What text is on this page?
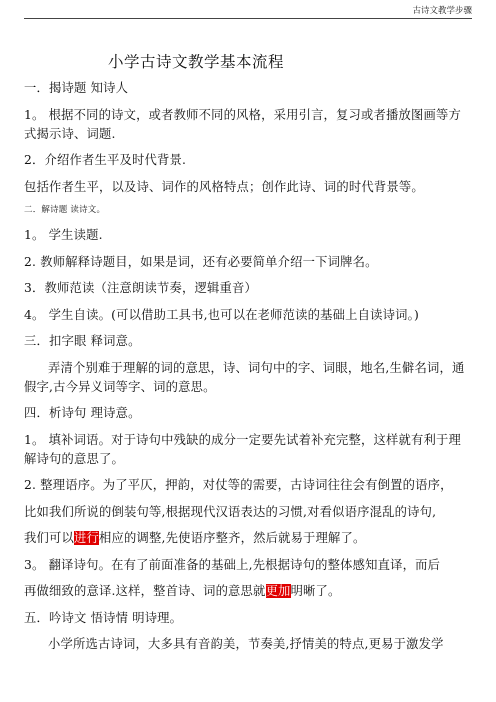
古诗文教学步骤
小学古诗文教学基本流程
一．揭诗题 知诗人
1。 根据不同的诗文，或者教师不同的风格，采用引言，复习或者播放图画等方式揭示诗、词题.
2．介绍作者生平及时代背景.
包括作者生平，以及诗、词作的风格特点；创作此诗、词的时代背景等。
二．解诗题 读诗文。
1。 学生读题.
2. 教师解释诗题目，如果是词，还有必要简单介绍一下词牌名。
3．教师范读（注意朗读节奏，逻辑重音）
4。 学生自读。(可以借助工具书,也可以在老师范读的基础上自读诗词。)
三．扣字眼 释词意。
弄清个别难于理解的词的意思，诗、词句中的字、词眼，地名,生僻名词，通假字,古今异义词等字、词的意思。
四．析诗句 理诗意。
1。 填补词语。对于诗句中残缺的成分一定要先试着补充完整，这样就有利于理解诗句的意思了。
2. 整理语序。为了平仄，押韵，对仗等的需要，古诗词往往会有倒置的语序，
比如我们所说的倒装句等,根据现代汉语表达的习惯,对看似语序混乱的诗句,
我们可以进行相应的调整,先使语序整齐，然后就易于理解了。
3。 翻译诗句。在有了前面准备的基础上,先根据诗句的整体感知直译，而后
再做细致的意译.这样，整首诗、词的意思就更加明晰了。
五．吟诗文 悟诗情 明诗理。
小学所选古诗词，大多具有音韵美，节奏美,抒情美的特点,更易于激发学
